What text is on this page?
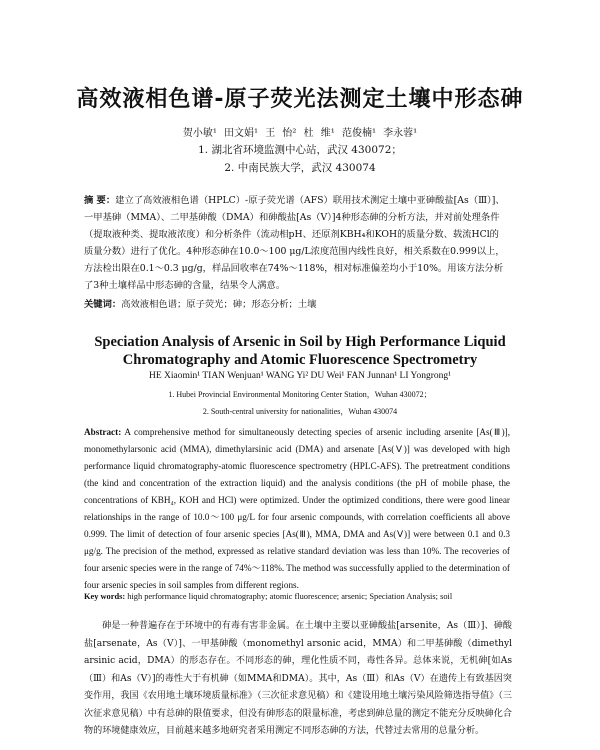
高效液相色谱-原子荧光法测定土壤中形态砷
贺小敏¹ 田文娟¹ 王 怡² 杜 维¹ 范俊楠¹ 李永蓉¹
1. 湖北省环境监测中心站，武汉 430072；
2. 中南民族大学，武汉 430074
摘 要：建立了高效液相色谱（HPLC）-原子荧光谱（AFS）联用技术测定土壤中亚砷酸盐[As（Ⅲ）]、一甲基砷（MMA）、二甲基砷酸（DMA）和砷酸盐[As（Ⅴ）]4种形态砷的分析方法，并对前处理条件（提取液种类、提取液浓度）和分析条件（流动相pH、还原剂KBH₄和KOH的质量分数、载流HCl的质量分数）进行了优化。4种形态砷在10.0～100 μg/L浓度范围内线性良好，相关系数在0.999以上，方法检出限在0.1～0.3 μg/g，样品回收率在74%～118%，相对标准偏差均小于10%。用该方法分析了3种土壤样品中形态砷的含量，结果令人满意。
关键词：高效液相色谱；原子荧光；砷；形态分析；土壤
Speciation Analysis of Arsenic in Soil by High Performance Liquid
Chromatography and Atomic Fluorescence Spectrometry
HE Xiaomin¹ TIAN Wenjuan¹ WANG Yi² DU Wei¹ FAN Junnan¹ LI Yongrong¹
1. Hubei Provincial Environmental Monitoring Center Station，Wuhan 430072；
2. South-central university for nationalities，Wuhan 430074
Abstract: A comprehensive method for simultaneously detecting species of arsenic including arsenite [As(Ⅲ)], monomethylarsonic acid (MMA), dimethylarsinic acid (DMA) and arsenate [As(Ⅴ)] was developed with high performance liquid chromatography-atomic fluorescence spectrometry (HPLC-AFS). The pretreatment conditions (the kind and concentration of the extraction liquid) and the analysis conditions (the pH of mobile phase, the concentrations of KBH₄, KOH and HCl) were optimized. Under the optimized conditions, there were good linear relationships in the range of 10.0～100 μg/L for four arsenic compounds, with correlation coefficients all above 0.999. The limit of detection of four arsenic species [As(Ⅲ), MMA, DMA and As(Ⅴ)] were between 0.1 and 0.3 μg/g. The precision of the method, expressed as relative standard deviation was less than 10%. The recoveries of four arsenic species were in the range of 74%～118%. The method was successfully applied to the determination of four arsenic species in soil samples from different regions.
Key words: high performance liquid chromatography; atomic fluorescence; arsenic; Speciation Analysis; soil
砷是一种普遍存在于环境中的有毒有害非金属。在土壤中主要以亚砷酸盐[arsenite，As（Ⅲ）]、砷酸盐[arsenate，As（Ⅴ）]、一甲基砷酸（monomethyl arsonic acid，MMA）和二甲基砷酸（dimethyl arsinic acid，DMA）的形态存在。不同形态的砷，理化性质不同，毒性各异。总体来说，无机砷[如As（Ⅲ）和As（Ⅴ）]的毒性大于有机砷（如MMA和DMA）。其中，As（Ⅲ）和As（Ⅴ）在遗传上有致基因突变作用，我国《农用地土壤环境质量标准》（三次征求意见稿）和《建设用地土壤污染风险筛选指导值》（三次征求意见稿）中有总砷的限值要求，但没有砷形态的限量标准，考虑到砷总量的测定不能充分反映砷化合物的环境健康效应，目前越来越多地研究者采用测定不同形态砷的方法，代替过去常用的总量分析。
